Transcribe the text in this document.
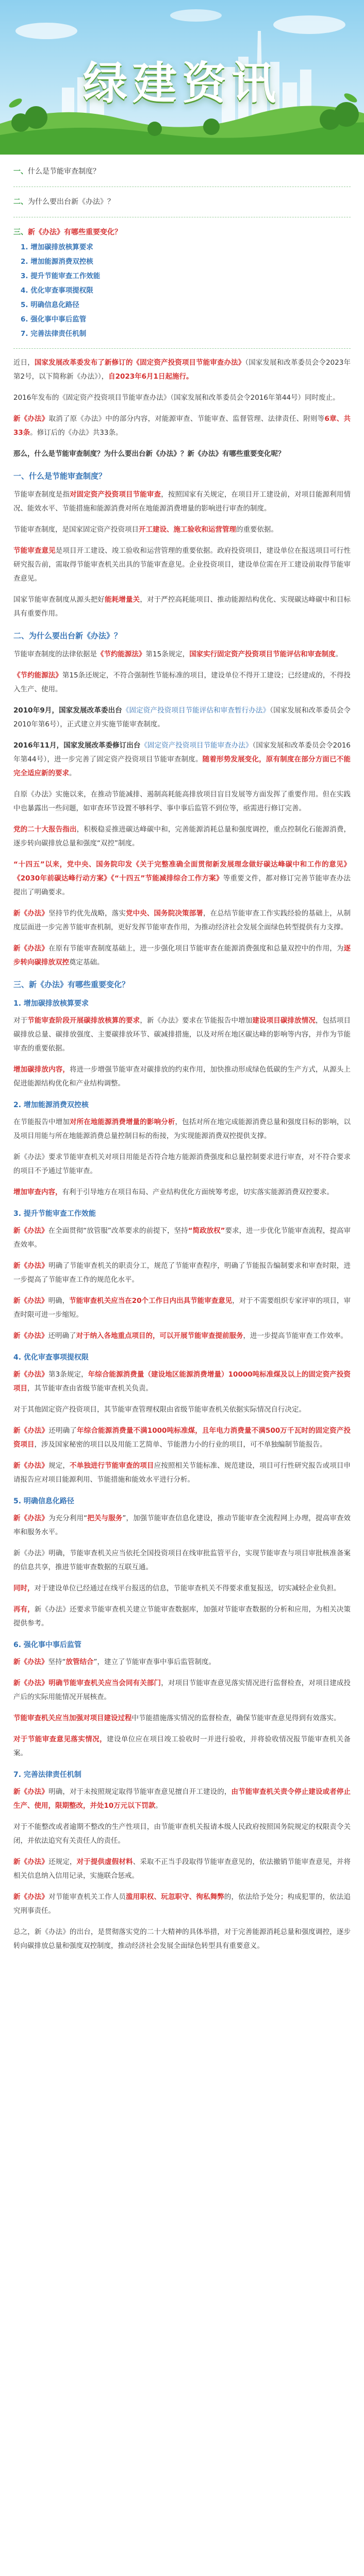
绿建资讯
一、什么是节能审查制度？
二、为什么要出台新《办法》？
三、新《办法》有哪些重要变化？
1. 增加碳排放核算要求
2. 增加能源消费双控核
3. 提升节能审查工作效能
4. 优化审查事项提权限
5. 明确信息化路径
6. 强化事中事后监管
7. 完善法律责任机制

近日，国家发展改革委发布了新修订的《固定资产投资项目节能审查办法》（国家发展和改革委员会令2023年第2号，以下简称新《办法》），自2023年6月1日起施行。

2016年发布的《固定资产投资项目节能审查办法》（国家发展和改革委员会令2016年第44号）同时废止。

新《办法》取消了原《办法》中的部分内容，对能源审查、节能审查、监督管理、法律责任、附则等6章、共33条。修订后的《办法》共33条。

那么，什么是节能审查制度？为什么要出台新《办法》？新《办法》有哪些重要变化呢？

一、什么是节能审查制度？

节能审查制度是指对固定资产投资项目节能审查，按照国家有关规定，在项目开工建设前，对项目能源利用情况、能效水平、节能措施和能源消费对所在地能源消费增量的影响进行审查的制度。

节能审查制度，是国家固定资产投资项目开工建设、施工验收和运营管理的重要依据。

节能审查意见是项目开工建设、竣工验收和运营管理的重要依据。政府投资项目，建设单位在报送项目可行性研究报告前，需取得节能审查机关出具的节能审查意见。企业投资项目，建设单位需在开工建设前取得节能审查意见。

国家节能审查制度从源头把好能耗增量关，对于严控高耗能项目、推动能源结构优化、实现碳达峰碳中和目标具有重要作用。

二、为什么要出台新《办法》？

节能审查制度的法律依据是《节约能源法》第15条规定，国家实行固定资产投资项目节能评估和审查制度。

《节约能源法》第15条还规定，不符合强制性节能标准的项目，建设单位不得开工建设；已经建成的，不得投入生产、使用。

2010年9月，国家发展改革委出台《固定资产投资项目节能评估和审查暂行办法》（国家发展和改革委员会令2010年第6号），正式建立并实施节能审查制度。

2016年11月，国家发展改革委修订出台《固定资产投资项目节能审查办法》（国家发展和改革委员会令2016年第44号），进一步完善了固定资产投资项目节能审查制度。随着形势发展变化，原有制度在部分方面已不能完全适应新的要求。

自原《办法》实施以来，在推动节能减排、遏制高耗能高排放项目盲目发展等方面发挥了重要作用。但在实践中也暴露出一些问题，如审查环节设置不够科学、事中事后监管不到位等，亟需进行修订完善。

党的二十大报告指出，积极稳妥推进碳达峰碳中和，完善能源消耗总量和强度调控，重点控制化石能源消费，逐步转向碳排放总量和强度“双控”制度。

“十四五”以来，党中央、国务院印发《关于完整准确全面贯彻新发展理念做好碳达峰碳中和工作的意见》《2030年前碳达峰行动方案》《“十四五”节能减排综合工作方案》等重要文件，都对修订完善节能审查办法提出了明确要求。

新《办法》坚持节约优先战略，落实党中央、国务院决策部署，在总结节能审查工作实践经验的基础上，从制度层面进一步完善节能审查机制，更好发挥节能审查作用，为推动经济社会发展全面绿色转型提供有力支撑。

新《办法》在原有节能审查制度基础上，进一步强化项目节能审查在能源消费强度和总量双控中的作用，为逐步转向碳排放双控奠定基础。

三、新《办法》有哪些重要变化？
1. 增加碳排放核算要求

对于节能审查阶段开展碳排放核算的要求，新《办法》要求在节能报告中增加建设项目碳排放情况，包括项目碳排放总量、碳排放强度、主要碳排放环节、碳减排措施，以及对所在地区碳达峰的影响等内容，并作为节能审查的重要依据。

增加碳排放内容，将进一步增强节能审查对碳排放的约束作用，加快推动形成绿色低碳的生产方式，从源头上促进能源结构优化和产业结构调整。

2. 增加能源消费双控核

在节能报告中增加对所在地能源消费增量的影响分析，包括对所在地完成能源消费总量和强度目标的影响，以及项目用能与所在地能源消费总量控制目标的衔接，为实现能源消费双控提供支撑。

新《办法》要求节能审查机关对项目用能是否符合地方能源消费强度和总量控制要求进行审查，对不符合要求的项目不予通过节能审查。

增加审查内容，有利于引导地方在项目布局、产业结构优化方面统筹考虑，切实落实能源消费双控要求。

3. 提升节能审查工作效能

新《办法》在全面贯彻“放管服”改革要求的前提下，坚持“简政放权”要求，进一步优化节能审查流程，提高审查效率。

新《办法》明确了节能审查机关的职责分工，规范了节能审查程序，明确了节能报告编制要求和审查时限，进一步提高了节能审查工作的规范化水平。

新《办法》明确，节能审查机关应当在20个工作日内出具节能审查意见，对于不需要组织专家评审的项目，审查时限可进一步缩短。

新《办法》还明确了对于纳入各地重点项目的，可以开展节能审查提前服务，进一步提高节能审查工作效率。

4. 优化审查事项提权限

新《办法》第3条规定，年综合能源消费量（建设地区能源消费增量）10000吨标准煤及以上的固定资产投资项目，其节能审查由省级节能审查机关负责。

对于其他固定资产投资项目，其节能审查管理权限由省级节能审查机关依据实际情况自行决定。

新《办法》还明确了年综合能源消费量不满1000吨标准煤，且年电力消费量不满500万千瓦时的固定资产投资项目，涉及国家秘密的项目以及用能工艺简单、节能潜力小的行业的项目，可不单独编制节能报告。

新《办法》规定，不单独进行节能审查的项目应按照相关节能标准、规范建设，项目可行性研究报告或项目申请报告应对项目能源利用、节能措施和能效水平进行分析。

5. 明确信息化路径

新《办法》为充分利用“把关与服务”，加强节能审查信息化建设，推动节能审查全流程网上办理，提高审查效率和服务水平。

新《办法》明确，节能审查机关应当依托全国投资项目在线审批监管平台，实现节能审查与项目审批核准备案的信息共享，推进节能审查数据的互联互通。

同时，对于建设单位已经通过在线平台报送的信息，节能审查机关不得要求重复报送，切实减轻企业负担。

再有，新《办法》还要求节能审查机关建立节能审查数据库，加强对节能审查数据的分析和应用，为相关决策提供参考。

6. 强化事中事后监管

新《办法》坚持“放管结合”，建立了节能审查事中事后监管制度。

新《办法》明确节能审查机关应当会同有关部门，对项目节能审查意见落实情况进行监督检查，对项目建成投产后的实际用能情况开展核查。

节能审查机关应当加强对项目建设过程中节能措施落实情况的监督检查，确保节能审查意见得到有效落实。

对于节能审查意见落实情况，建设单位应在项目竣工验收时一并进行验收，并将验收情况报节能审查机关备案。

7. 完善法律责任机制

新《办法》明确，对于未按照规定取得节能审查意见擅自开工建设的，由节能审查机关责令停止建设或者停止生产、使用，限期整改，并处10万元以下罚款。

对于不能整改或者逾期不整改的生产性项目，由节能审查机关报请本级人民政府按照国务院规定的权限责令关闭，并依法追究有关责任人的责任。

新《办法》还规定，对于提供虚假材料、采取不正当手段取得节能审查意见的，依法撤销节能审查意见，并将相关信息纳入信用记录，实施联合惩戒。

新《办法》对节能审查机关工作人员滥用职权、玩忽职守、徇私舞弊的，依法给予处分；构成犯罪的，依法追究刑事责任。

总之，新《办法》的出台，是贯彻落实党的二十大精神的具体举措，对于完善能源消耗总量和强度调控，逐步转向碳排放总量和强度双控制度，推动经济社会发展全面绿色转型具有重要意义。
